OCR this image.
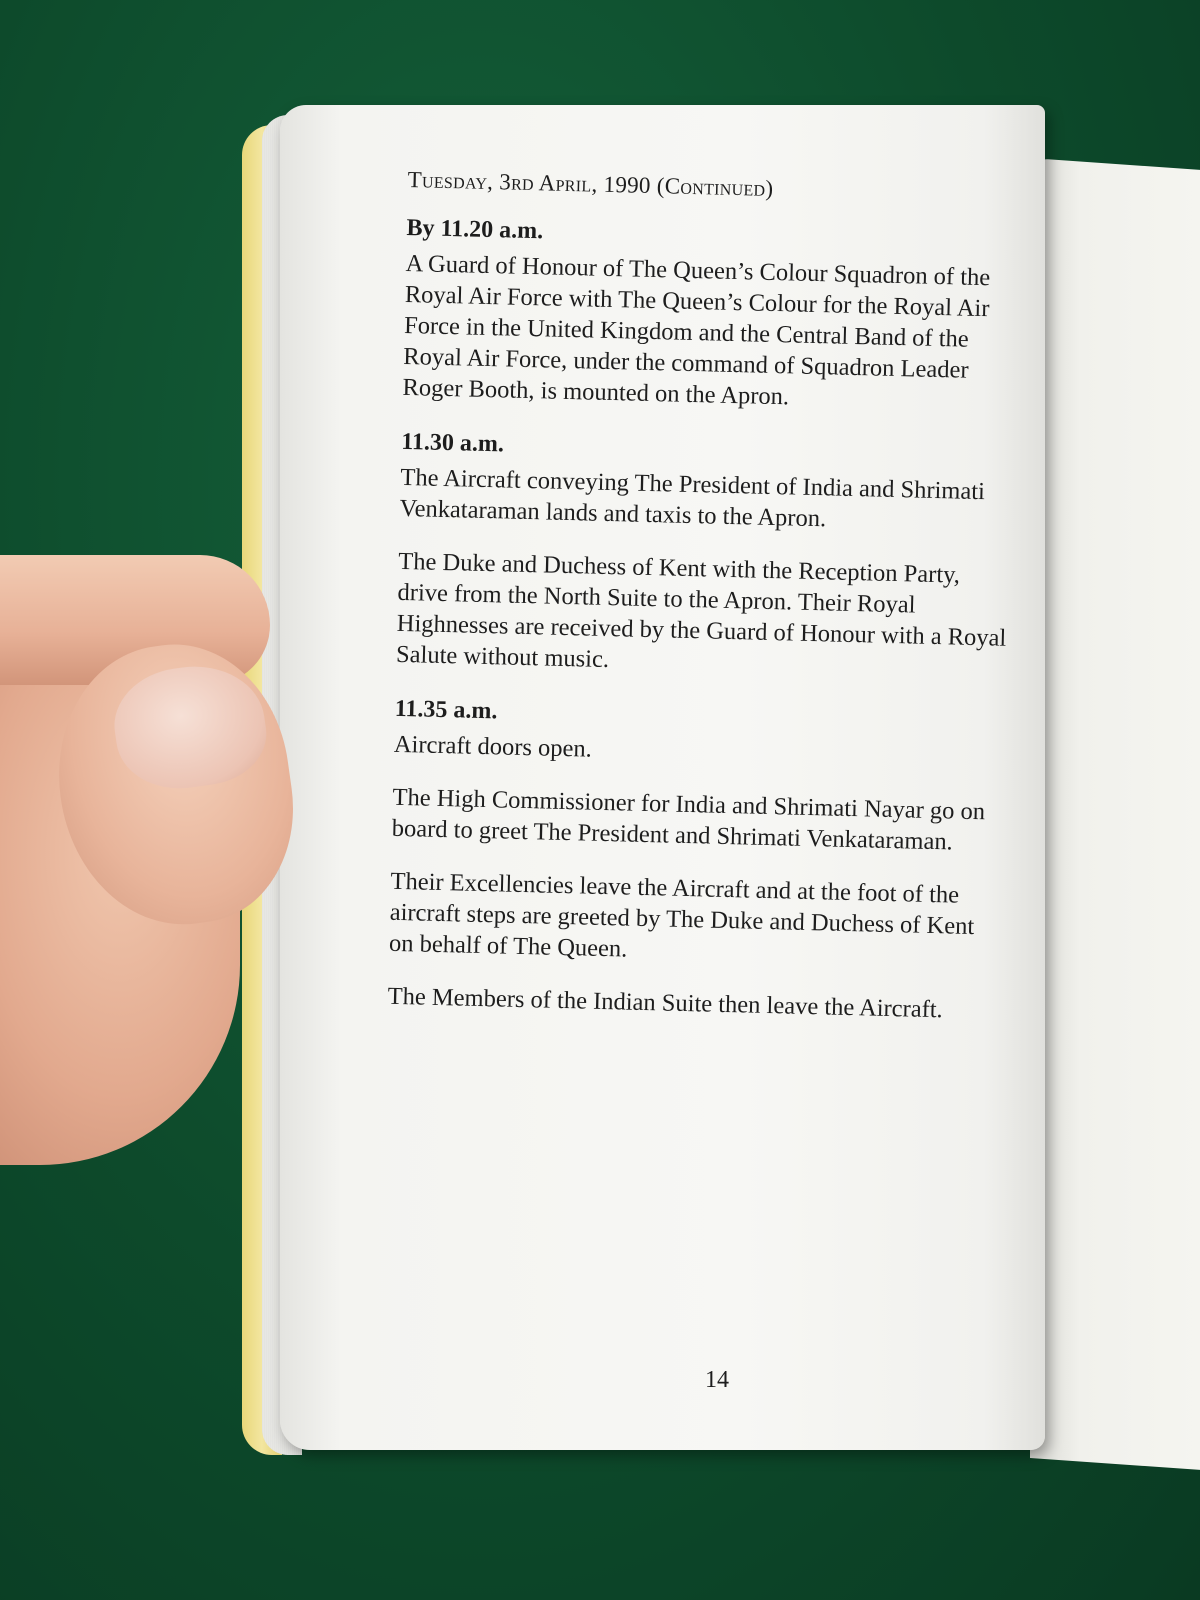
Tuesday, 3rd April, 1990 (Continued)
By 11.20 a.m.

A Guard of Honour of The Queen’s Colour Squadron of the Royal Air Force with The Queen’s Colour for the Royal Air Force in the United Kingdom and the Central Band of the Royal Air Force, under the command of Squadron Leader Roger Booth, is mounted on the Apron.

11.30 a.m.

The Aircraft conveying The President of India and Shrimati Venkataraman lands and taxis to the Apron.

The Duke and Duchess of Kent with the Reception Party, drive from the North Suite to the Apron. Their Royal Highnesses are received by the Guard of Honour with a Royal Salute without music.

11.35 a.m.

Aircraft doors open.

The High Commissioner for India and Shrimati Nayar go on board to greet The President and Shrimati Venkataraman.

Their Excellencies leave the Aircraft and at the foot of the aircraft steps are greeted by The Duke and Duchess of Kent on behalf of The Queen.

The Members of the Indian Suite then leave the Aircraft.

14
